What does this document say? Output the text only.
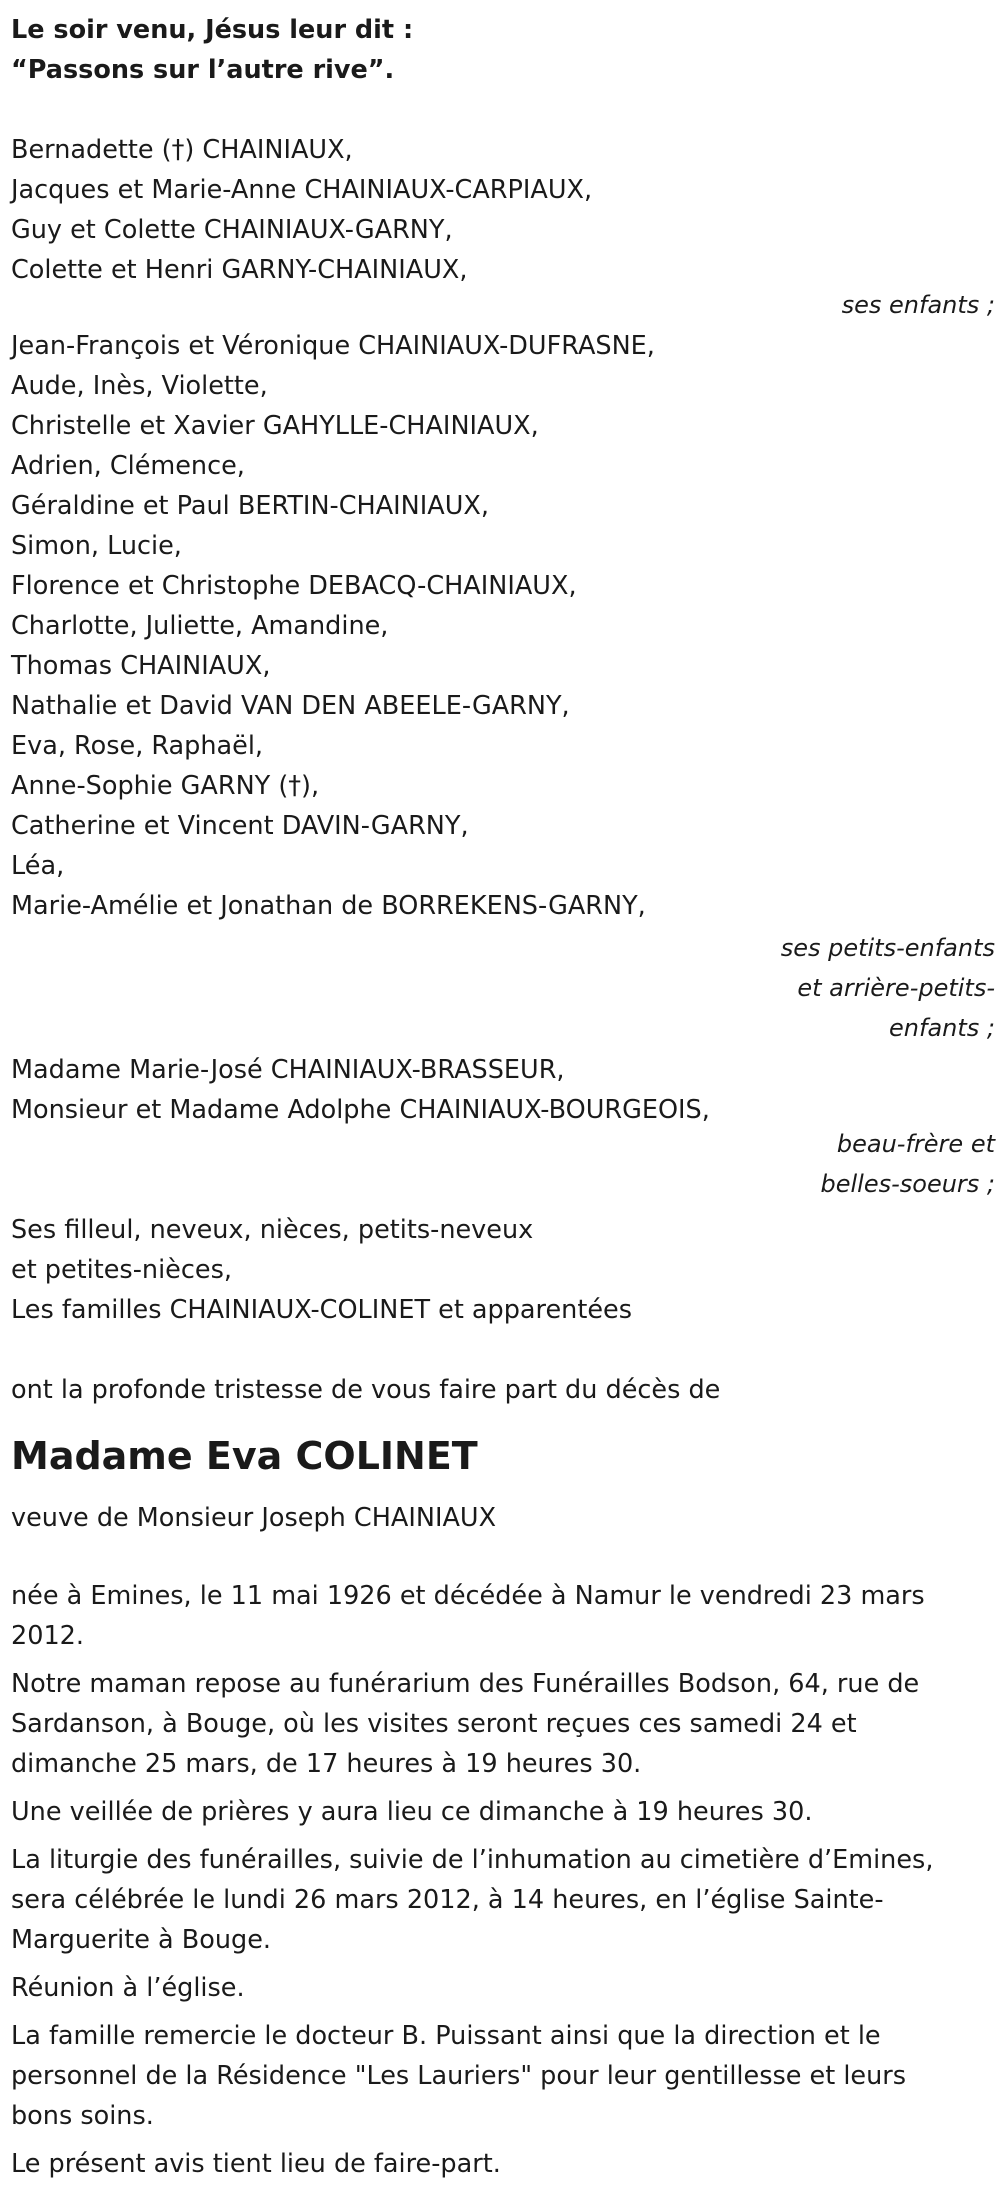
Le soir venu, Jésus leur dit :
“Passons sur l’autre rive”.
Bernadette (†) CHAINIAUX,
Jacques et Marie-Anne CHAINIAUX-CARPIAUX,
Guy et Colette CHAINIAUX-GARNY,
Colette et Henri GARNY-CHAINIAUX,
ses enfants ;
Jean-François et Véronique CHAINIAUX-DUFRASNE,
Aude, Inès, Violette,
Christelle et Xavier GAHYLLE-CHAINIAUX,
Adrien, Clémence,
Géraldine et Paul BERTIN-CHAINIAUX,
Simon, Lucie,
Florence et Christophe DEBACQ-CHAINIAUX,
Charlotte, Juliette, Amandine,
Thomas CHAINIAUX,
Nathalie et David VAN DEN ABEELE-GARNY,
Eva, Rose, Raphaël,
Anne-Sophie GARNY (†),
Catherine et Vincent DAVIN-GARNY,
Léa,
Marie-Amélie et Jonathan de BORREKENS-GARNY,
ses petits-enfants
et arrière-petits-
enfants ;
Madame Marie-José CHAINIAUX-BRASSEUR,
Monsieur et Madame Adolphe CHAINIAUX-BOURGEOIS,
beau-frère et
belles-soeurs ;
Ses filleul, neveux, nièces, petits-neveux
et petites-nièces,
Les familles CHAINIAUX-COLINET et apparentées
ont la profonde tristesse de vous faire part du décès de
Madame Eva COLINET
veuve de Monsieur Joseph CHAINIAUX
née à Emines, le 11 mai 1926 et décédée à Namur le vendredi 23 mars
2012.
Notre maman repose au funérarium des Funérailles Bodson, 64, rue de
Sardanson, à Bouge, où les visites seront reçues ces samedi 24 et
dimanche 25 mars, de 17 heures à 19 heures 30.
Une veillée de prières y aura lieu ce dimanche à 19 heures 30.
La liturgie des funérailles, suivie de l’inhumation au cimetière d’Emines,
sera célébrée le lundi 26 mars 2012, à 14 heures, en l’église Sainte-
Marguerite à Bouge.
Réunion à l’église.
La famille remercie le docteur B. Puissant ainsi que la direction et le
personnel de la Résidence "Les Lauriers" pour leur gentillesse et leurs
bons soins.
Le présent avis tient lieu de faire-part.
